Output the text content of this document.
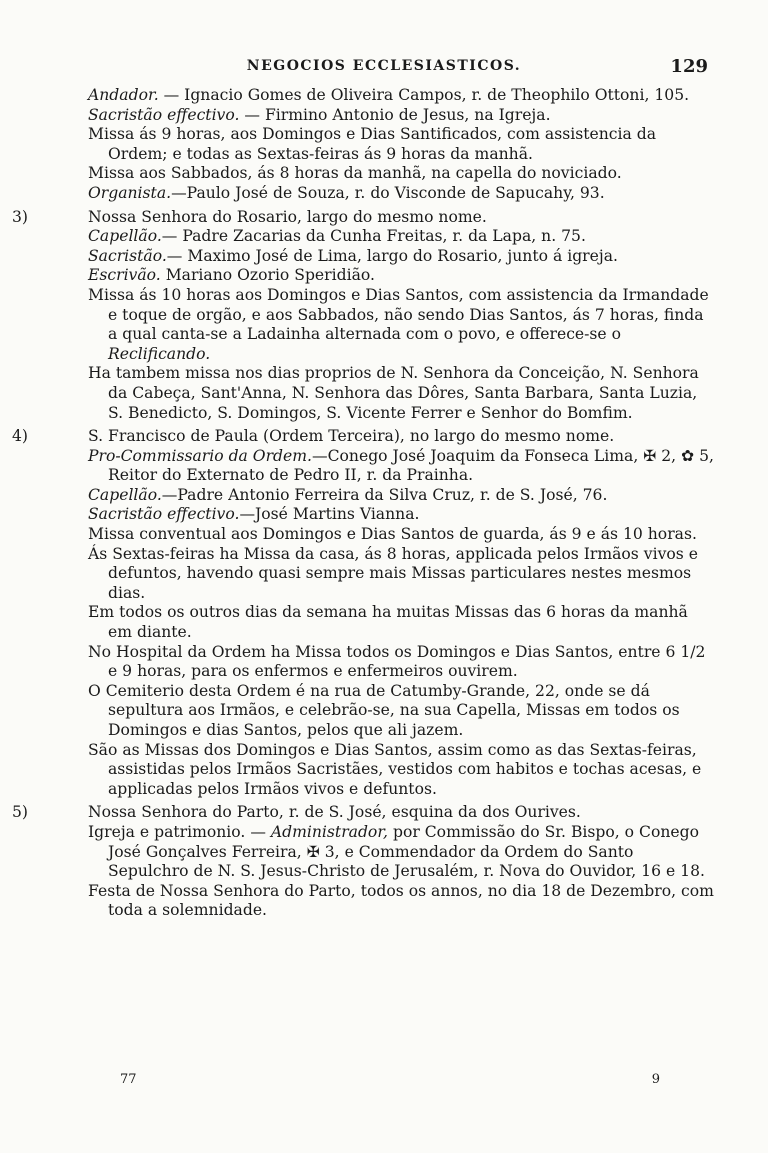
NEGOCIOS ECCLESIASTICOS.	129

Andador. — Ignacio Gomes de Oliveira Campos, r. de Theophilo Ottoni, 105.

Sacristão effectivo. — Firmino Antonio de Jesus, na Igreja.

Missa ás 9 horas, aos Domingos e Dias Santificados, com assistencia da Ordem; e todas as Sextas-feiras ás 9 horas da manhã.

Missa aos Sabbados, ás 8 horas da manhã, na capella do noviciado.

Organista.—Paulo José de Souza, r. do Visconde de Sapucahy, 93.

3)	Nossa Senhora do Rosario, largo do mesmo nome.

Capellão.— Padre Zacarias da Cunha Freitas, r. da Lapa, n. 75.

Sacristão.— Maximo José de Lima, largo do Rosario, junto á igreja.

Escrivão. Mariano Ozorio Speridião.

Missa ás 10 horas aos Domingos e Dias Santos, com assistencia da Irmandade e toque de orgão, e aos Sabbados, não sendo Dias Santos, ás 7 horas, finda a qual canta-se a Ladainha alternada com o povo, e offerece-se o Reclificando.

Ha tambem missa nos dias proprios de N. Senhora da Conceição, N. Senhora da Cabeça, Sant'Anna, N. Senhora das Dôres, Santa Barbara, Santa Luzia, S. Benedicto, S. Domingos, S. Vicente Ferrer e Senhor do Bomfim.

4)	S. Francisco de Paula (Ordem Terceira), no largo do mesmo nome.

Pro-Commissario da Ordem.—Conego José Joaquim da Fonseca Lima, ✠ 2, ✿ 5, Reitor do Externato de Pedro II, r. da Prainha.

Capellão.—Padre Antonio Ferreira da Silva Cruz, r. de S. José, 76.

Sacristão effectivo.—José Martins Vianna.

Missa conventual aos Domingos e Dias Santos de guarda, ás 9 e ás 10 horas.

Ás Sextas-feiras ha Missa da casa, ás 8 horas, applicada pelos Irmãos vivos e defuntos, havendo quasi sempre mais Missas particulares nestes mesmos dias.

Em todos os outros dias da semana ha muitas Missas das 6 horas da manhã em diante.

No Hospital da Ordem ha Missa todos os Domingos e Dias Santos, entre 6 1/2 e 9 horas, para os enfermos e enfermeiros ouvirem.

O Cemiterio desta Ordem é na rua de Catumby-Grande, 22, onde se dá sepultura aos Irmãos, e celebrão-se, na sua Capella, Missas em todos os Domingos e dias Santos, pelos que ali jazem.

São as Missas dos Domingos e Dias Santos, assim como as das Sextas-feiras, assistidas pelos Irmãos Sacristães, vestidos com habitos e tochas acesas, e applicadas pelos Irmãos vivos e defuntos.

5)	Nossa Senhora do Parto, r. de S. José, esquina da dos Ourives.

Igreja e patrimonio. — Administrador, por Commissão do Sr. Bispo, o Conego José Gonçalves Ferreira, ✠ 3, e Commendador da Ordem do Santo Sepulchro de N. S. Jesus-Christo de Jerusalém, r. Nova do Ouvidor, 16 e 18.

Festa de Nossa Senhora do Parto, todos os annos, no dia 18 de Dezembro, com toda a solemnidade.

77	9
